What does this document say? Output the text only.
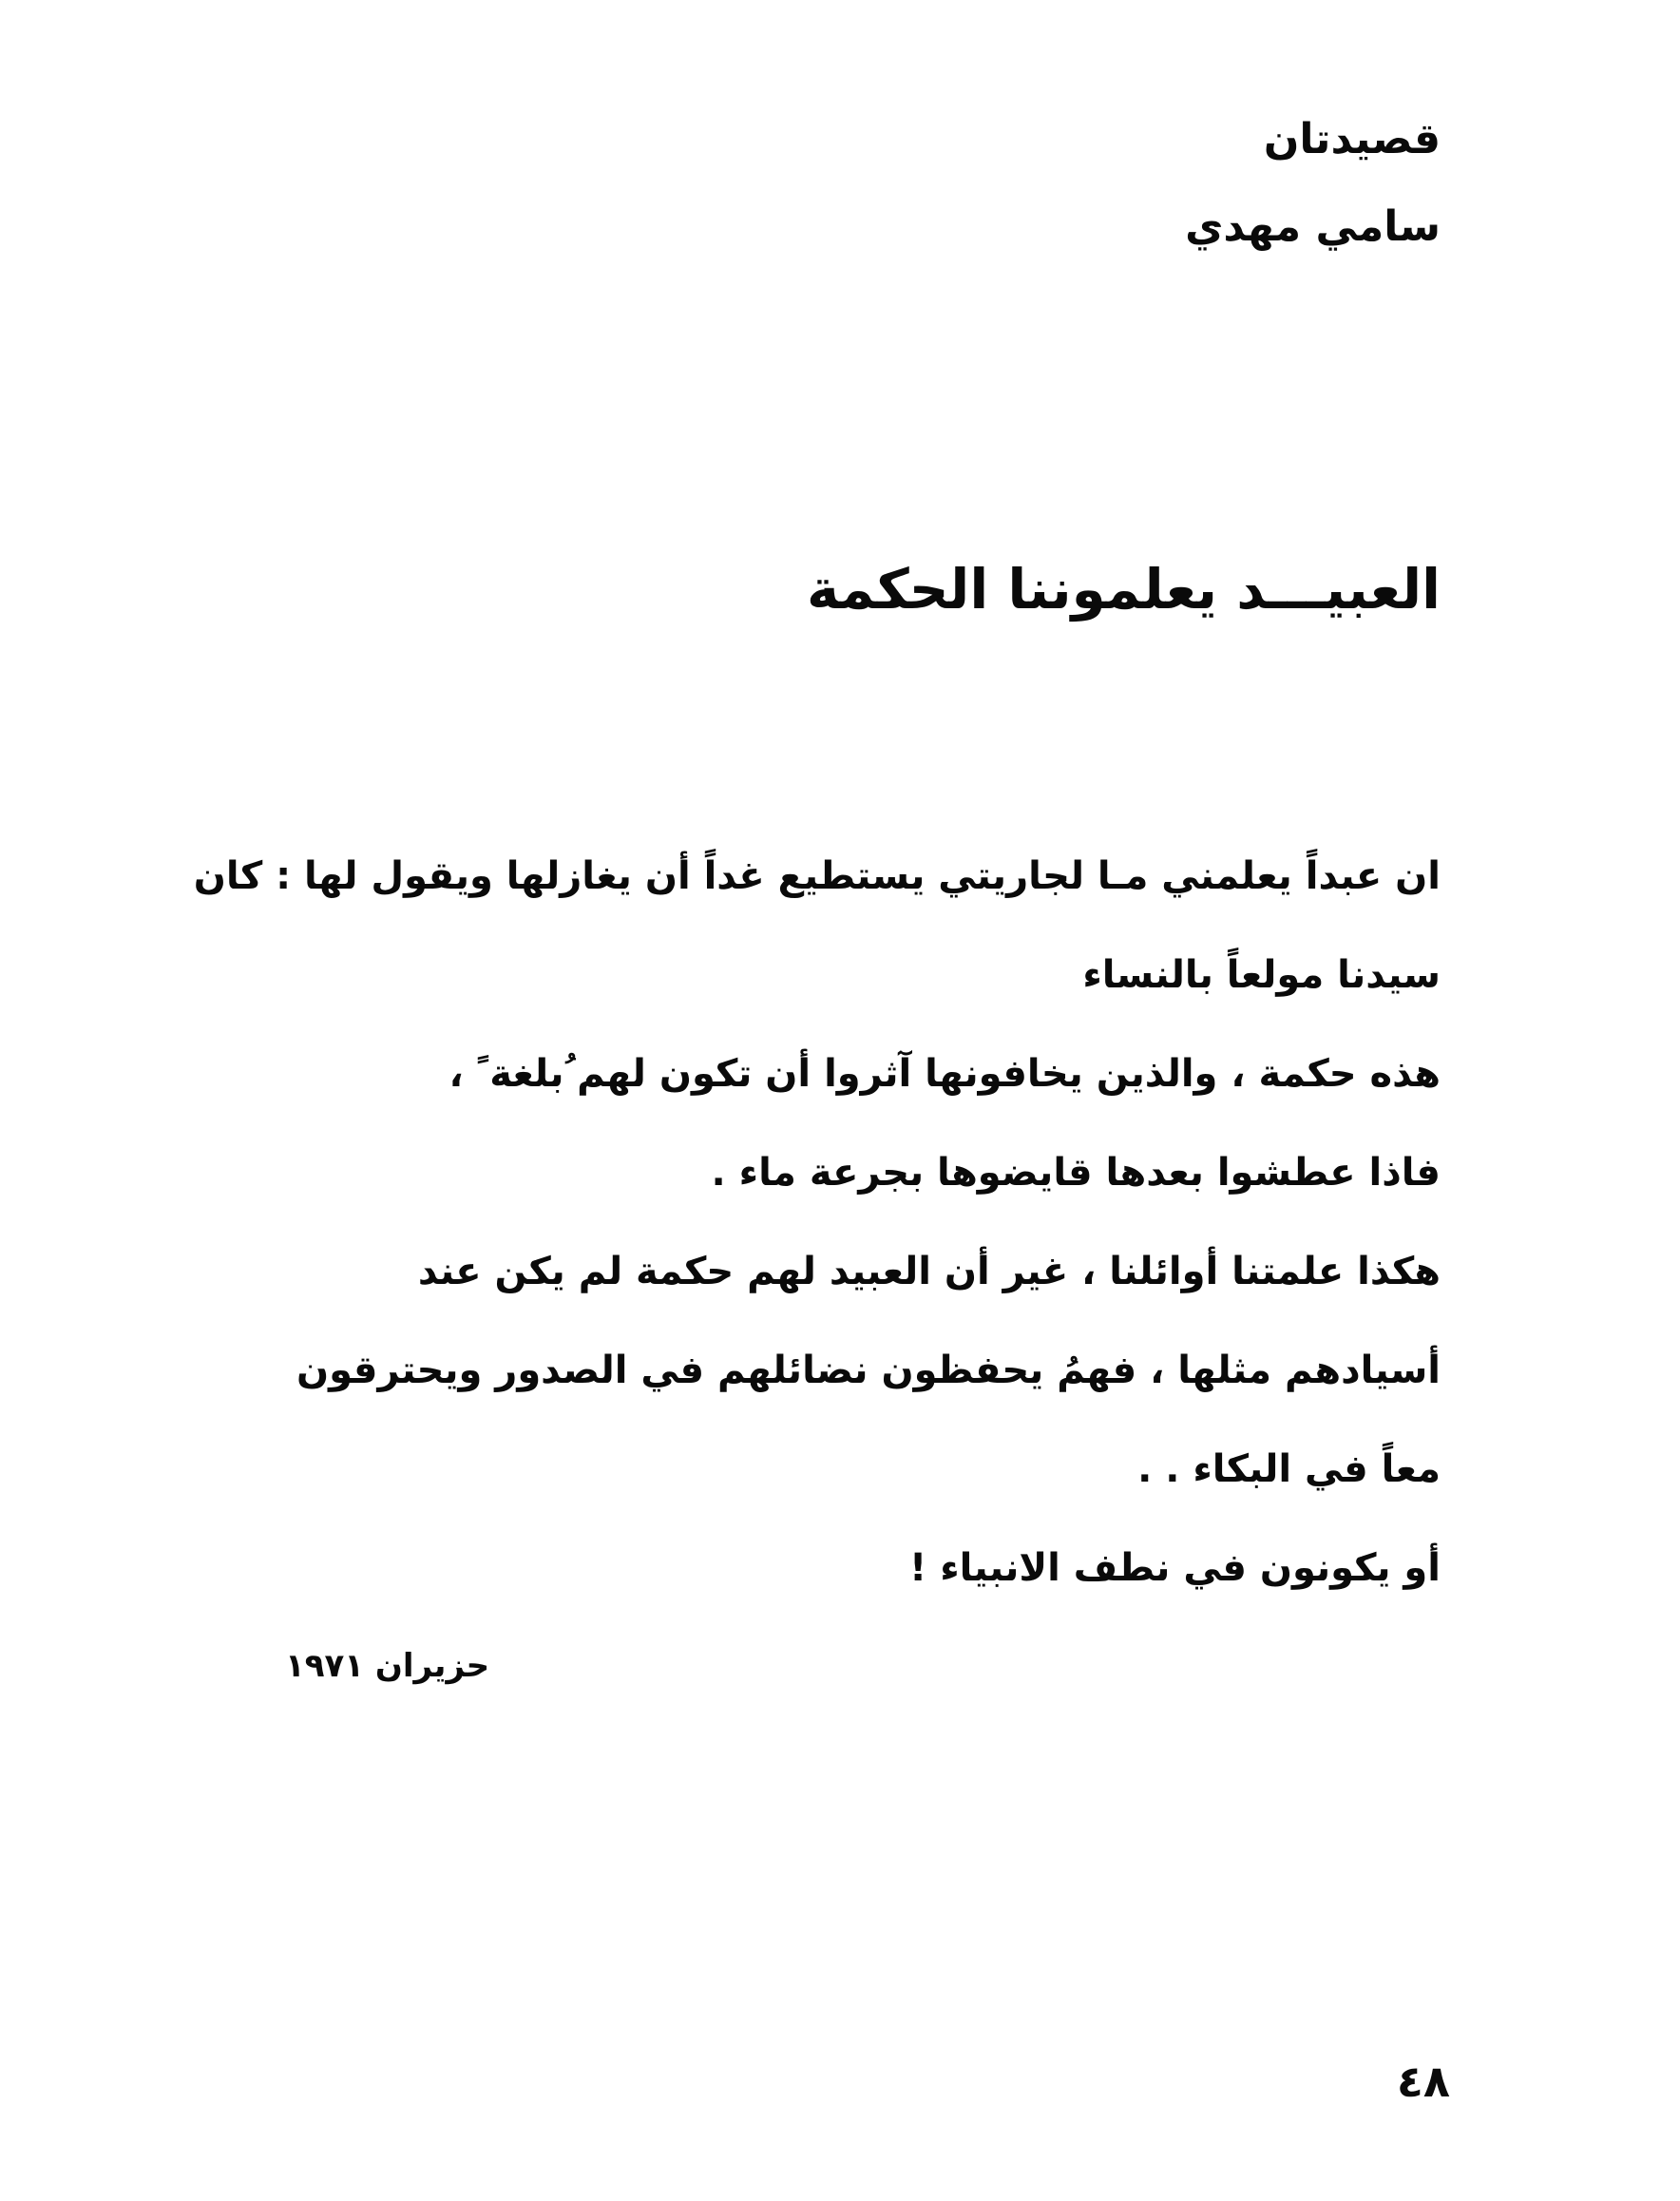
قصيدتان

سامي مهدي

العبيـــد يعلموننا الحكمة

ان عبداً يعلمني مـا لجاريتي يستطيع غداً أن يغازلها ويقول لها : كان

سيدنا مولعاً بالنساء

هذه حكمة ، والذين يخافونها آثروا أن تكون لهم ُبلغة ً ،

فاذا عطشوا بعدها قايضوها بجرعة ماء .

هكذا علمتنا أوائلنا ، غير أن العبيد لهم حكمة لم يكن عند

أسيادهم مثلها ، فهمُ يحفظون نضائلهم في الصدور ويحترقون

معاً في البكاء . .

أو يكونون في نطف الانبياء !

حزيران ١٩٧١
٤٨
